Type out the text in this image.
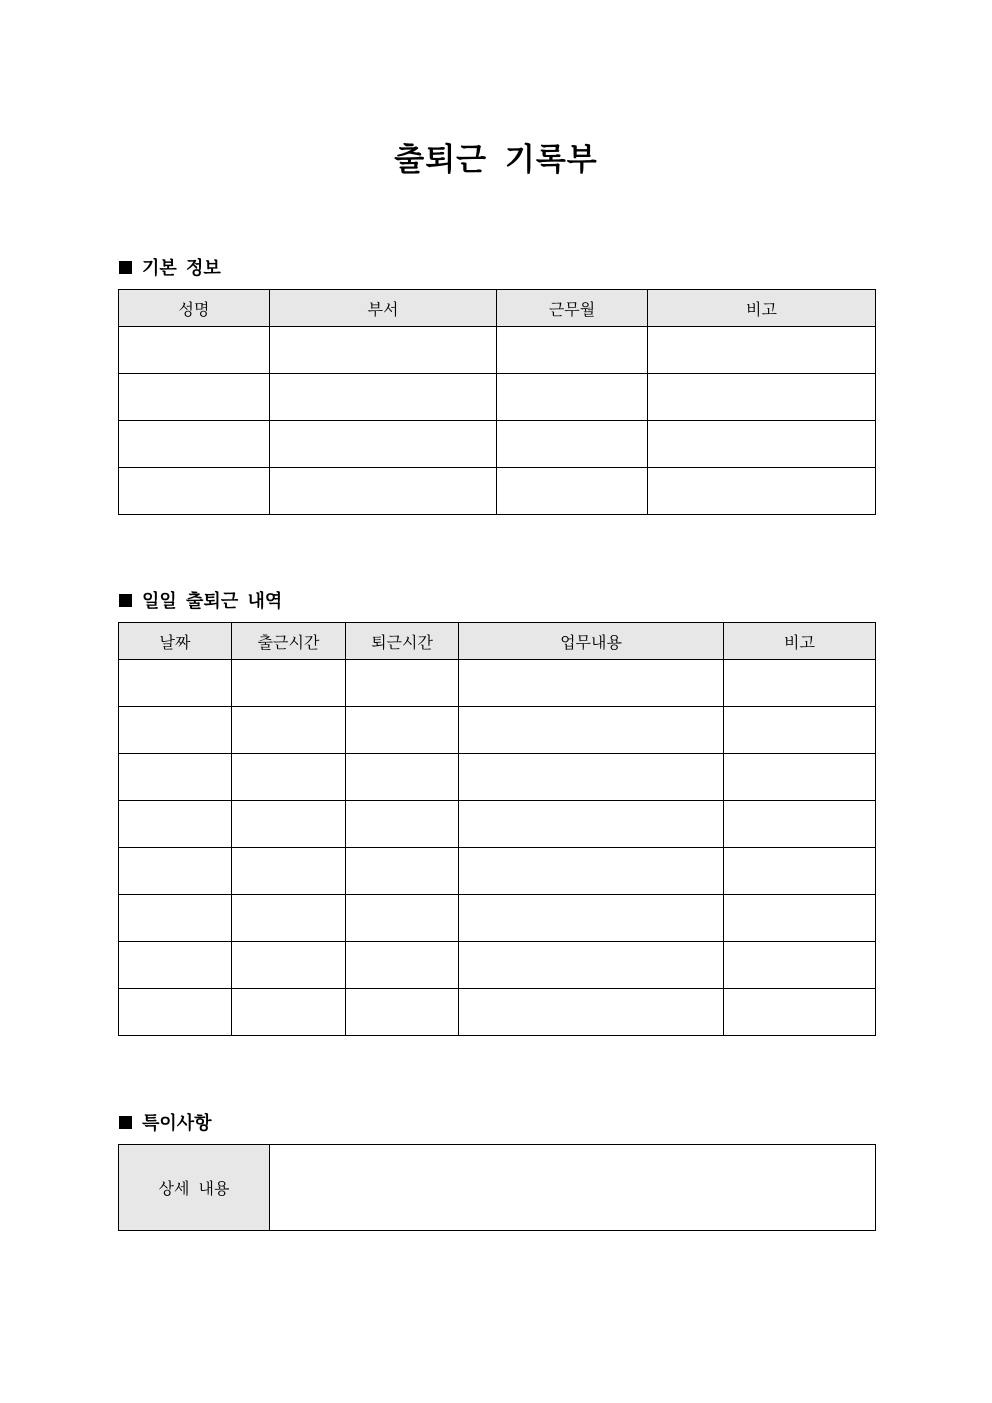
출퇴근 기록부
기본 정보
성명	부서	근무월	비고

일일 출퇴근 내역
날짜	출근시간	퇴근시간	업무내용	비고

특이사항
상세 내용	
